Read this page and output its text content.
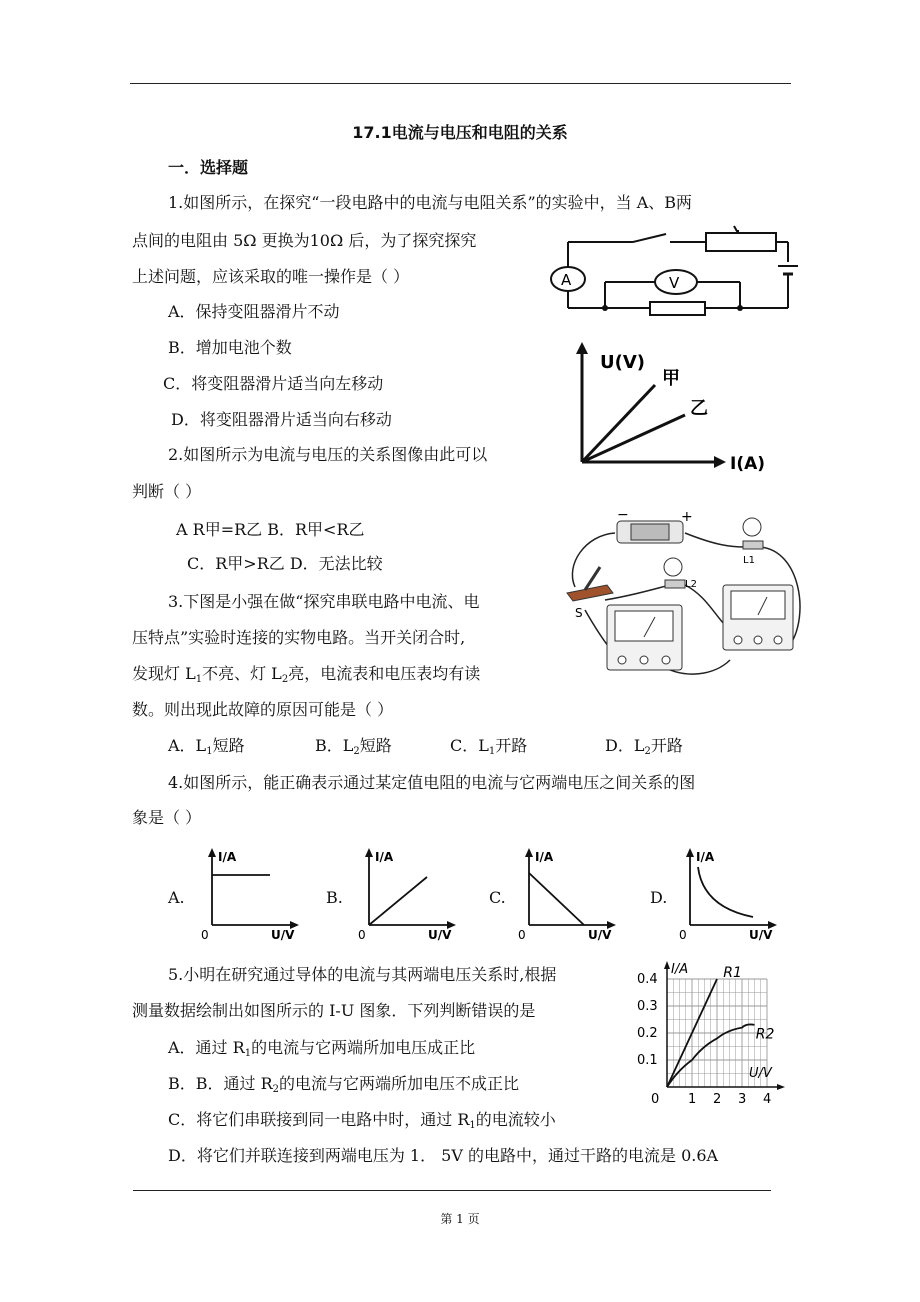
17.1电流与电压和电阻的关系
一．选择题
1.如图所示，在探究“一段电路中的电流与电阻关系”的实验中，当 A、B两
点间的电阻由 5Ω 更换为10Ω 后，为了探究探究
上述问题，应该采取的唯一操作是（ ）
A．保持变阻器滑片不动
B．增加电池个数
C．将变阻器滑片适当向左移动
D．将变阻器滑片适当向右移动
A	V
2.如图所示为电流与电压的关系图像由此可以
判断（ ）
A R甲=R乙 B．R甲<R乙
C．R甲>R乙 D．无法比较
U(V)
甲
乙
I(A)
3.下图是小强在做“探究串联电路中电流、电
压特点”实验时连接的实物电路。当开关闭合时,
发现灯 $L_1$不亮、灯 $L_2$亮，电流表和电压表均有读
数。则出现此故障的原因可能是（ ）
A．$L_1$短路	B．$L_2$短路	C．$L_1$开路	D．$L_2$开路
−	+
L1
L2
S
4.如图所示，能正确表示通过某定值电阻的电流与它两端电压之间关系的图
象是（ ）
A.	B.	C.	D.
I/A
0	U/V
I/A
0	U/V
I/A
0	U/V
I/A
0	U/V
5.小明在研究通过导体的电流与其两端电压关系时,根据
测量数据绘制出如图所示的 I-U 图象．下列判断错误的是
A．通过 $R_1$的电流与它两端所加电压成正比
B．B．通过 $R_2$的电流与它两端所加电压不成正比
C．将它们串联接到同一电路中时，通过 $R_1$的电流较小
D．将它们并联连接到两端电压为 1． 5V 的电路中，通过干路的电流是 0.6A
0 1 2 3 4
0.1
0.2
0.3
0.4
I/A
U/V
R1
R2
第 1 页
